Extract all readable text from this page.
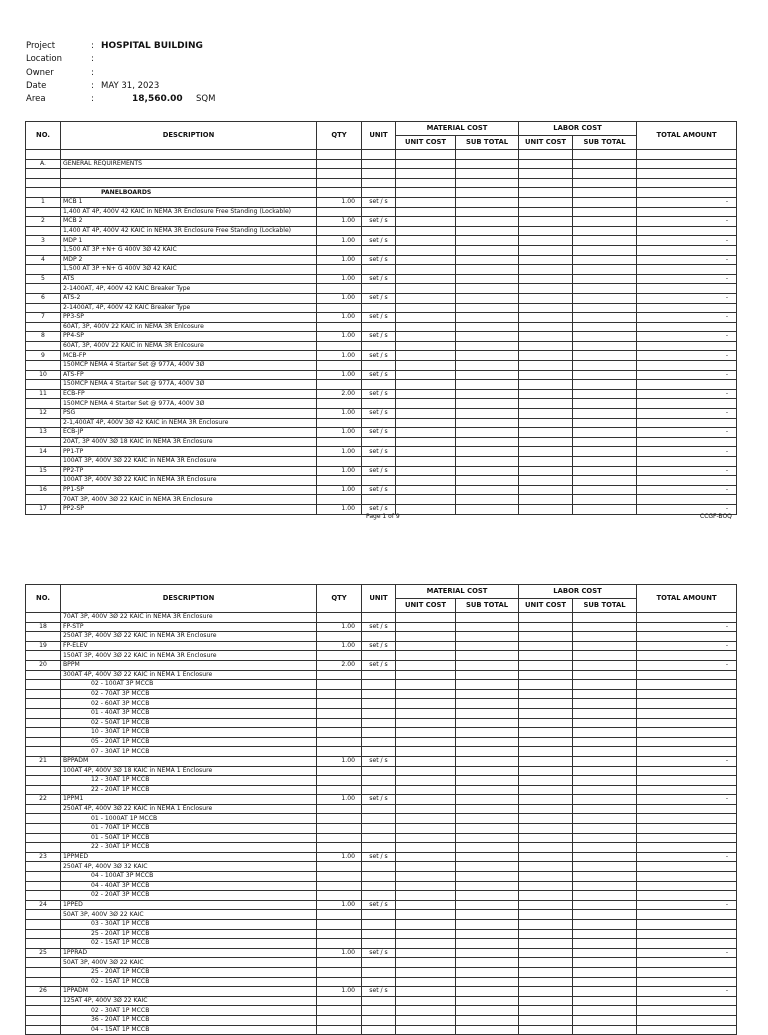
Project	: HOSPITAL BUILDING
Location	:
Owner	:
Date	: MAY 31, 2023
Area	:	18,560.00 SQM
NO.	DESCRIPTION	QTY	UNIT	MATERIAL COST		LABOR COST		TOTAL AMOUNT
				UNIT COST	SUB TOTAL	UNIT COST	SUB TOTAL	

A.	GENERAL REQUIREMENTS							

	PANELBOARDS							
1	MCB 1	1.00	set / s					-
	1,400 AT 4P, 400V 42 KAIC in NEMA 3R Enclosure Free Standing (Lockable)							
2	MCB 2	1.00	set / s					-
	1,400 AT 4P, 400V 42 KAIC in NEMA 3R Enclosure Free Standing (Lockable)							
3	MDP 1	1.00	set / s					-
	1,500 AT 3P +N+ G 400V 3Ø 42 KAIC							
4	MDP 2	1.00	set / s					-
	1,500 AT 3P +N+ G 400V 3Ø 42 KAIC							
5	ATS	1.00	set / s					-
	2-1400AT, 4P, 400V 42 KAIC Breaker Type							
6	ATS-2	1.00	set / s					-
	2-1400AT, 4P, 400V 42 KAIC Breaker Type							
7	PP3-SP	1.00	set / s					-
	60AT, 3P, 400V 22 KAIC in NEMA 3R Enlcosure							
8	PP4-SP	1.00	set / s					-
	60AT, 3P, 400V 22 KAIC in NEMA 3R Enlcosure							
9	MCB-FP	1.00	set / s					-
	150MCP NEMA 4 Starter Set @ 977A, 400V 3Ø							
10	ATS-FP	1.00	set / s					-
	150MCP NEMA 4 Starter Set @ 977A, 400V 3Ø							
11	ECB-FP	2.00	set / s					-
	150MCP NEMA 4 Starter Set @ 977A, 400V 3Ø							
12	PSG	1.00	set / s					-
	2-1,400AT 4P, 400V 3Ø 42 KAIC in NEMA 3R Enclosure							
13	ECB-JP	1.00	set / s					-
	20AT, 3P 400V 3Ø 18 KAIC in NEMA 3R Enclosure							
14	PP1-TP	1.00	set / s					-
	100AT 3P, 400V 3Ø 22 KAIC in NEMA 3R Enclosure							
15	PP2-TP	1.00	set / s					-
	100AT 3P, 400V 3Ø 22 KAIC in NEMA 3R Enclosure							
16	PP1-SP	1.00	set / s					-
	70AT 3P, 400V 3Ø 22 KAIC in NEMA 3R Enclosure							
17	PP2-SP	1.00	set / s					-
Page 1 of 9	CCGF-BOQ
NO.	DESCRIPTION	QTY	UNIT	MATERIAL COST		LABOR COST		TOTAL AMOUNT
				UNIT COST	SUB TOTAL	UNIT COST	SUB TOTAL	
	70AT 3P, 400V 3Ø 22 KAIC in NEMA 3R Enclosure							
18	FP-STP	1.00	set / s					-
	250AT 3P, 400V 3Ø 22 KAIC in NEMA 3R Enclosure							
19	FP-ELEV	1.00	set / s					-
	150AT 3P, 400V 3Ø 22 KAIC in NEMA 3R Enclosure							
20	BPPM	2.00	set / s					-
	300AT 4P, 400V 3Ø 22 KAIC in NEMA 1 Enclosure							
	02 - 100AT 3P MCCB							
	02 - 70AT 3P MCCB							
	02 - 60AT 3P MCCB							
	01 - 40AT 3P MCCB							
	02 - 50AT 1P MCCB							
	10 - 30AT 1P MCCB							
	05 - 20AT 1P MCCB							
	07 - 30AT 1P MCCB							
21	BPPADM	1.00	set / s					-
	100AT 4P, 400V 3Ø 18 KAIC in NEMA 1 Enclosure							
	12 - 30AT 1P MCCB							
	22 - 20AT 1P MCCB							
22	1PPM1	1.00	set / s					-
	250AT 4P, 400V 3Ø 22 KAIC in NEMA 1 Enclosure							
	01 - 1000AT 1P MCCB							
	01 - 70AT 1P MCCB							
	01 - 50AT 1P MCCB							
	22 - 30AT 1P MCCB							
23	1PPMED	1.00	set / s					-
	250AT 4P, 400V 3Ø 32 KAIC							
	04 - 100AT 3P MCCB							
	04 - 40AT 3P MCCB							
	02 - 20AT 3P MCCB							
24	1PPED	1.00	set / s					-
	50AT 3P, 400V 3Ø 22 KAIC							
	03 - 30AT 1P MCCB							
	25 - 20AT 1P MCCB							
	02 - 15AT 1P MCCB							
25	1PPRAD	1.00	set / s					-
	50AT 3P, 400V 3Ø 22 KAIC							
	25 - 20AT 1P MCCB							
	02 - 15AT 1P MCCB							
26	1PPADM	1.00	set / s					-
	125AT 4P, 400V 3Ø 22 KAIC							
	02 - 30AT 1P MCCB							
	36 - 20AT 1P MCCB							
	04 - 15AT 1P MCCB							
